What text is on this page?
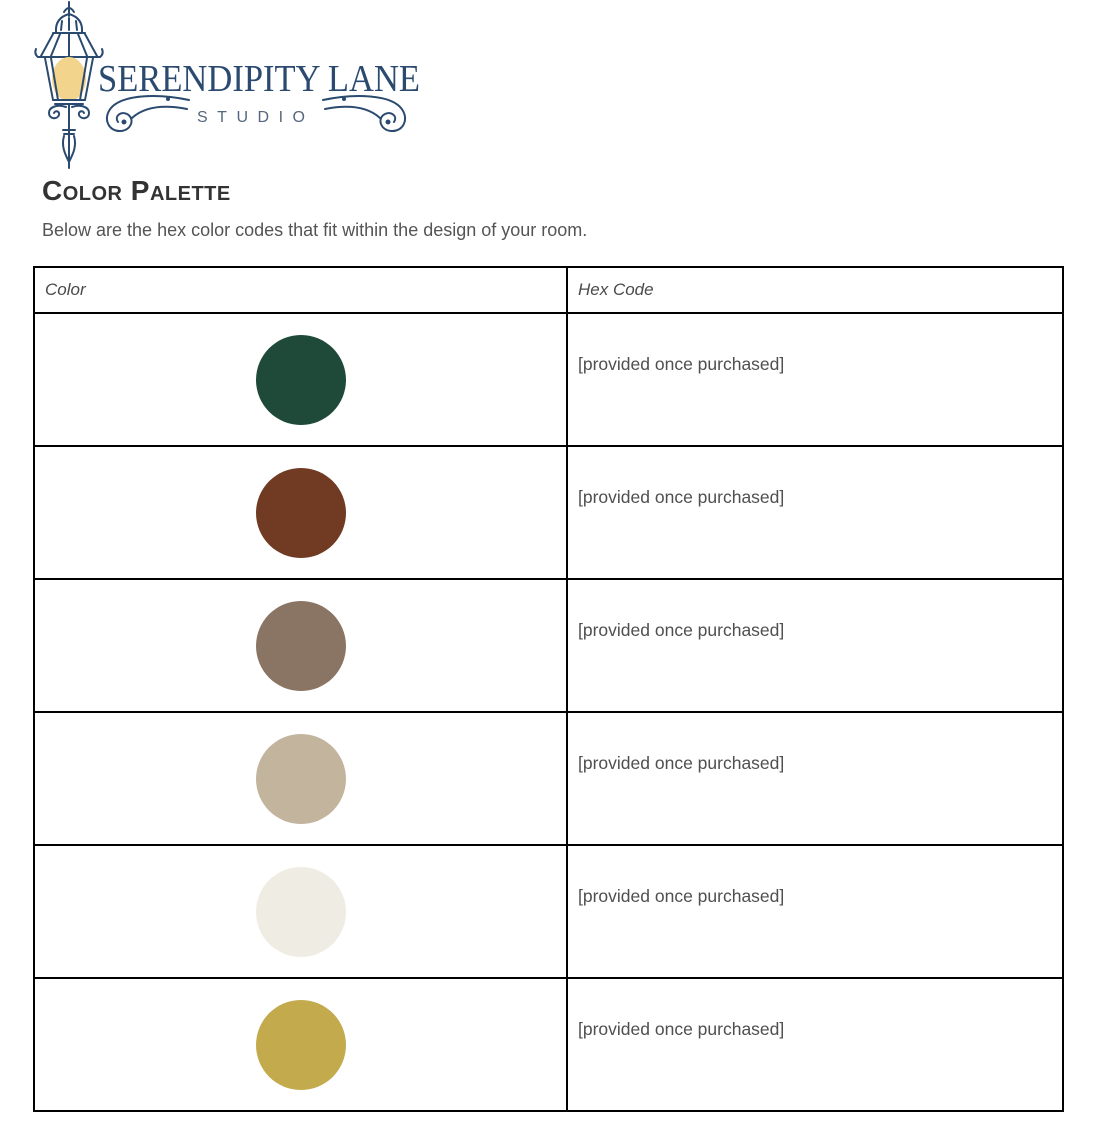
SERENDIPITY LANE
STUDIO
Color Palette

Below are the hex color codes that fit within the design of your room.

Color	Hex Code

	[provided once purchased]

	[provided once purchased]

	[provided once purchased]

	[provided once purchased]

	[provided once purchased]

	[provided once purchased]
